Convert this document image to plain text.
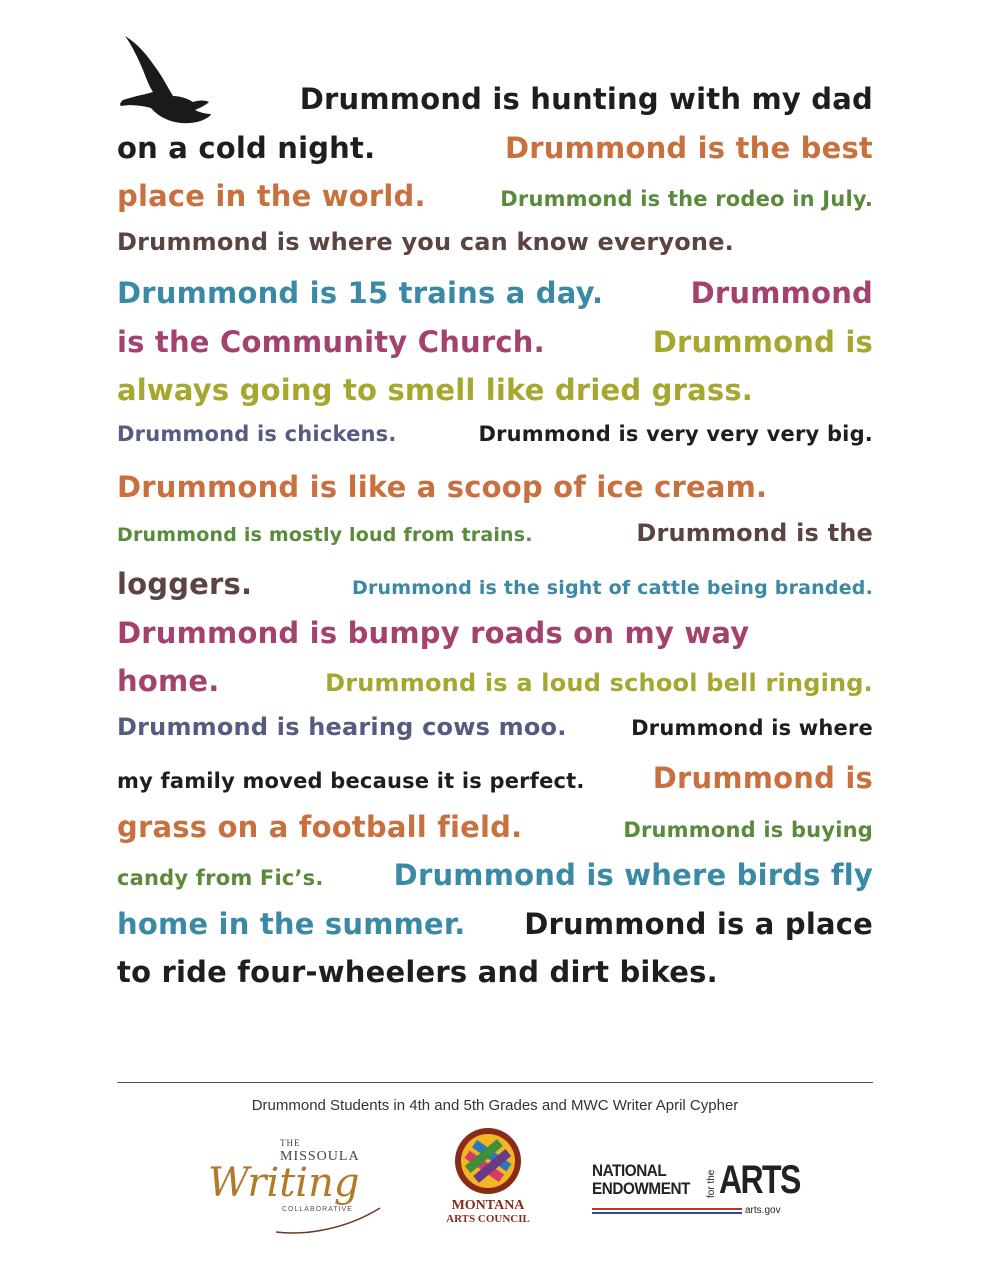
Drummond is hunting with my dad
on a cold night.	Drummond is the best
place in the world.	Drummond is the rodeo in July.
Drummond is where you can know everyone.
Drummond is 15 trains a day.	Drummond
is the Community Church.	Drummond is
always going to smell like dried grass.
Drummond is chickens.	Drummond is very very very big.
Drummond is like a scoop of ice cream.
Drummond is mostly loud from trains.	Drummond is the
loggers.	Drummond is the sight of cattle being branded.
Drummond is bumpy roads on my way
home.	Drummond is a loud school bell ringing.
Drummond is hearing cows moo.	Drummond is where
my family moved because it is perfect. Drummond is
grass on a football field.	Drummond is buying
candy from Fic’s. Drummond is where birds fly
home in the summer. Drummond is a place
to ride four-wheelers and dirt bikes.
Drummond Students in 4th and 5th Grades and MWC Writer April Cypher
THE
MISSOULA
Writing
COLLABORATIVE	MONTANA
ARTS COUNCIL
NATIONAL
ENDOWMENT for the ARTS
arts.gov
